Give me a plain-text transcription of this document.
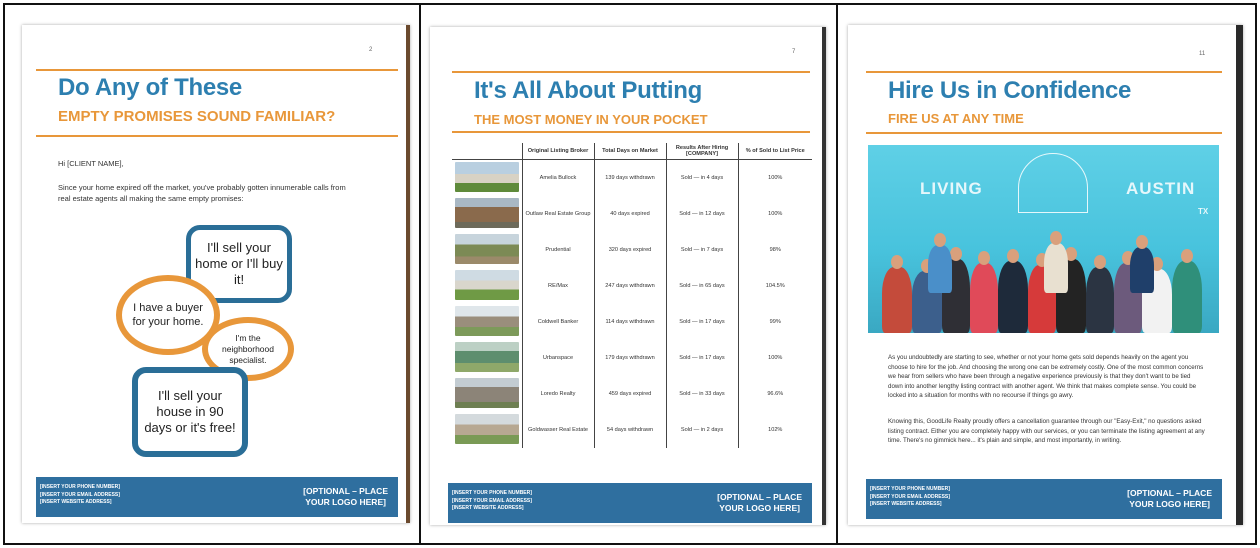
2
Do Any of These
EMPTY PROMISES SOUND FAMILIAR?
Hi [CLIENT NAME],
Since your home expired off the market, you've probably gotten innumerable calls from real estate agents all making the same empty promises:
I'll sell your home or I'll buy it!
I have a buyer for your home.
I'm the neighborhood specialist.
I'll sell your house in 90 days or it's free!
[INSERT YOUR PHONE NUMBER]
[INSERT YOUR EMAIL ADDRESS]
[INSERT WEBSITE ADDRESS]
[OPTIONAL – PLACE
YOUR LOGO HERE]
7
It's All About Putting
THE MOST MONEY IN YOUR POCKET
	Original Listing Broker	Total Days on Market	Results After Hiring [COMPANY]	% of Sold to List Price
	Amelia Bullock	139 days withdrawn	Sold — in 4 days	100%
	Outlaw Real Estate Group	40 days expired	Sold — in 12 days	100%
	Prudential	320 days expired	Sold — in 7 days	98%
	RE/Max	247 days withdrawn	Sold — in 65 days	104.5%
	Coldwell Banker	114 days withdrawn	Sold — in 17 days	99%
	Urbanspace	179 days withdrawn	Sold — in 17 days	100%
	Loredo Realty	459 days expired	Sold — in 33 days	96.6%
	Goldwasser Real Estate	54 days withdrawn	Sold — in 2 days	102%
[INSERT YOUR PHONE NUMBER]
[INSERT YOUR EMAIL ADDRESS]
[INSERT WEBSITE ADDRESS]
[OPTIONAL – PLACE
YOUR LOGO HERE]
11
Hire Us in Confidence
FIRE US AT ANY TIME
LIVING	AUSTIN
TX
As you undoubtedly are starting to see, whether or not your home gets sold depends heavily on the agent you choose to hire for the job. And choosing the wrong one can be extremely costly. One of the most common concerns we hear from sellers who have been through a negative experience previously is that they don't want to be tied down into another lengthy listing contract with another agent. We think that makes complete sense. You could be locked into a situation for months with no recourse if things go awry.
Knowing this, GoodLife Realty proudly offers a cancellation guarantee through our "Easy-Exit," no questions asked listing contract. Either you are completely happy with our services, or you can terminate the listing agreement at any time. There's no gimmick here... it's plain and simple, and most importantly, in writing.
[INSERT YOUR PHONE NUMBER]
[INSERT YOUR EMAIL ADDRESS]
[INSERT WEBSITE ADDRESS]
[OPTIONAL – PLACE
YOUR LOGO HERE]
